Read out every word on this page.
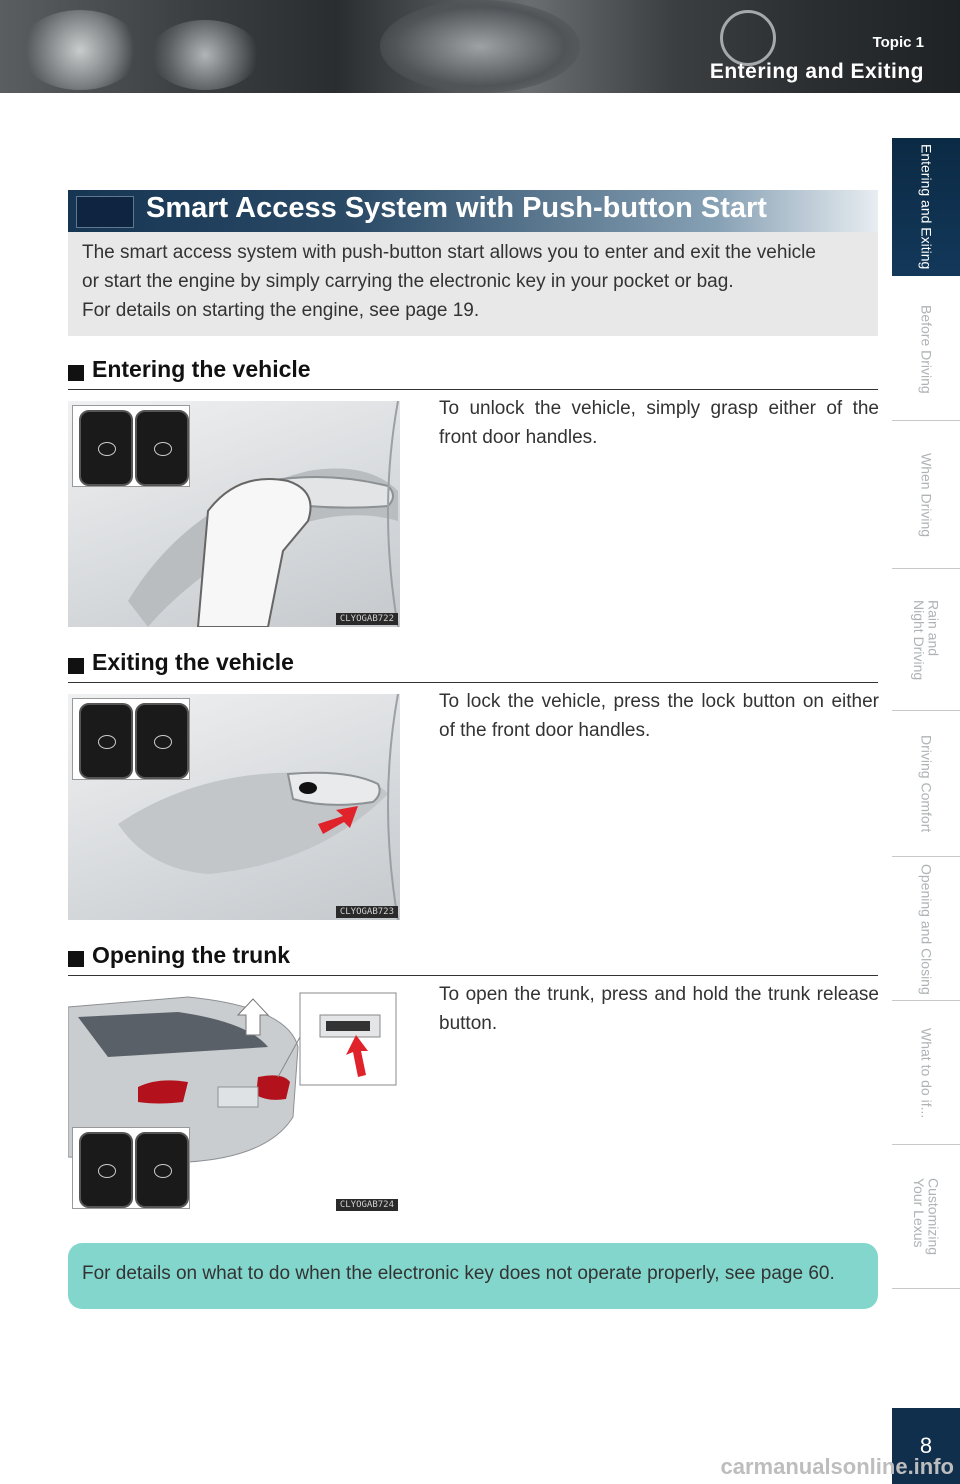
Topic 1
Entering and Exiting
Entering and Exiting
Before Driving
When Driving
Rain and
Night Driving
Driving Comfort
Opening and Closing
What to do if...
Customizing
Your Lexus
Smart Access System with Push-button Start

The smart access system with push-button start allows you to enter and exit the vehicle

or start the engine by simply carrying the electronic key in your pocket or bag.

For details on starting the engine, see page 19.

Entering the vehicle
CLYOGAB722
To unlock the vehicle, simply grasp either of the front door handles.
Exiting the vehicle
CLYOGAB723
To lock the vehicle, press the lock button on either of the front door handles.
Opening the trunk
CLYOGAB724
To open the trunk, press and hold the trunk release button.

For details on what to do when the electronic key does not operate properly, see page 60.

8
carmanualsonline.info
